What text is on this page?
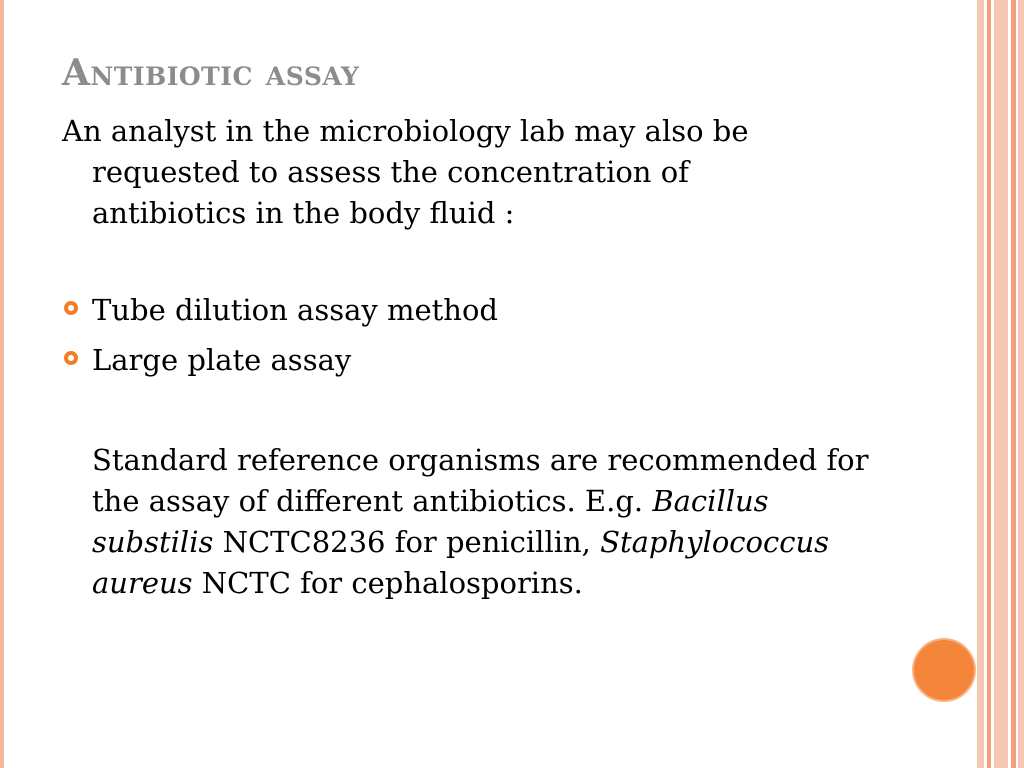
Antibiotic assay
An analyst in the microbiology lab may also be
requested to assess the concentration of
antibiotics in the body fluid :
Tube dilution assay method
Large plate assay
Standard reference organisms are recommended for the assay of different antibiotics. E.g. Bacillus substilis NCTC8236 for penicillin, Staphylococcus aureus NCTC for cephalosporins.
